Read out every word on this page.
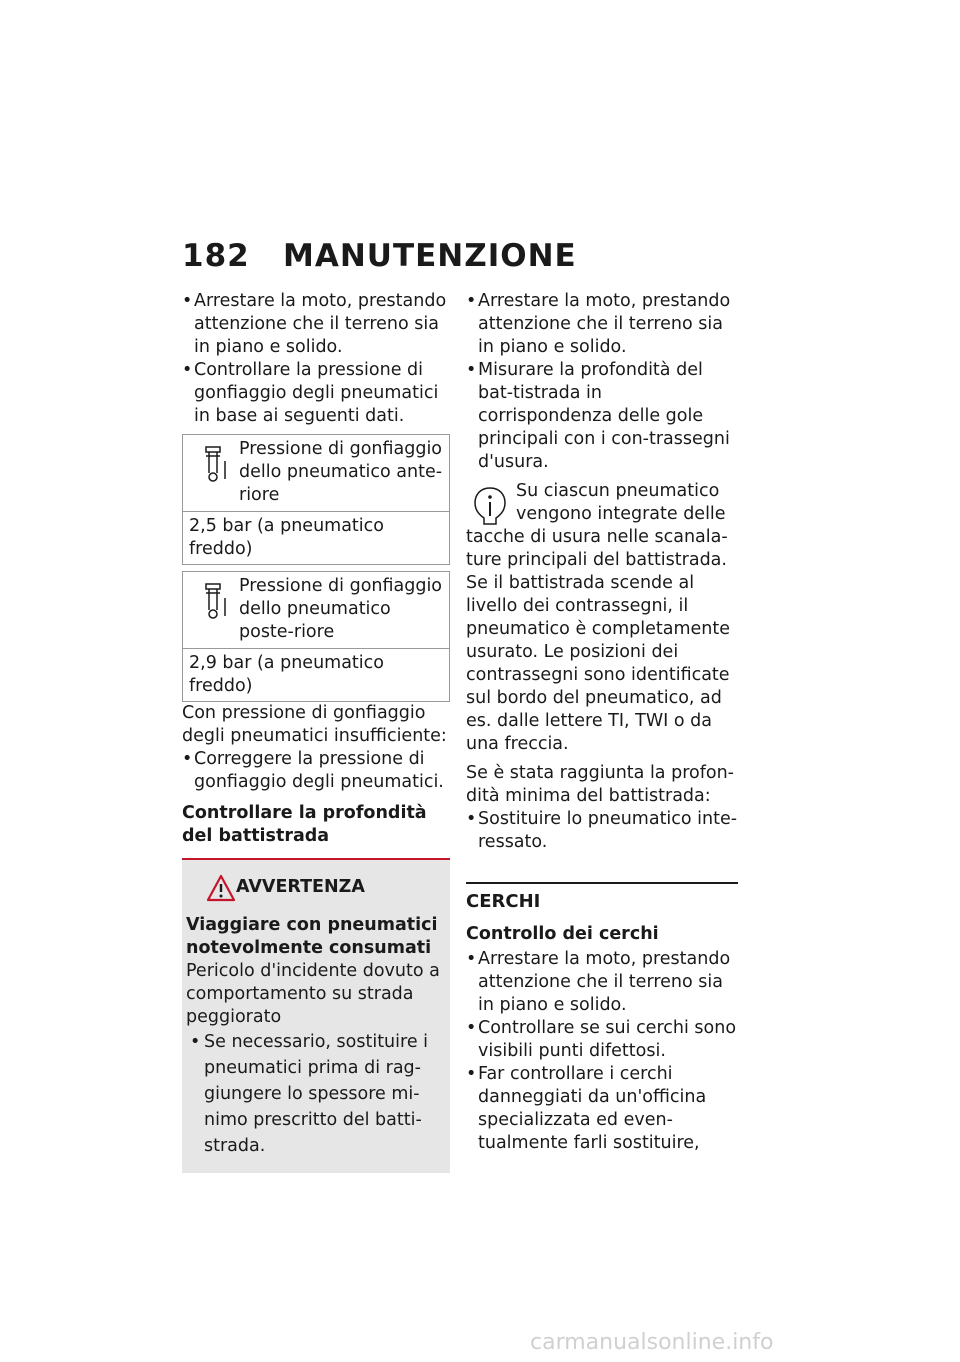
182 MANUTENZIONE
• Arrestare la moto, prestando attenzione che il terreno sia in piano e solido.
• Controllare la pressione di gonfiaggio degli pneumatici in base ai seguenti dati.
Pressione di gonfiaggio dello pneumatico ante-riore
2,5 bar (a pneumatico freddo)
Pressione di gonfiaggio dello pneumatico poste-riore
2,9 bar (a pneumatico freddo)

Con pressione di gonfiaggio degli pneumatici insufficiente:

• Correggere la pressione di gonfiaggio degli pneumatici.

Controllare la profondità del battistrada

AVVERTENZA
Viaggiare con pneumatici notevolmente consumati
Pericolo d'incidente dovuto a comportamento su strada peggiorato
• Se necessario, sostituire i pneumatici prima di rag-giungere lo spessore mi-nimo prescritto del batti-strada.
• Arrestare la moto, prestando attenzione che il terreno sia in piano e solido.
• Misurare la profondità del bat-tistrada in corrispondenza delle gole principali con i con-trassegni d'usura.

Su ciascun pneumatico vengono integrate delle tacche di usura nelle scanala-ture principali del battistrada. Se il battistrada scende al livello dei contrassegni, il pneumatico è completamente usurato. Le posizioni dei contrassegni sono identificate sul bordo del pneumatico, ad es. dalle lettere TI, TWI o da una freccia.

Se è stata raggiunta la profon-dità minima del battistrada:

• Sostituire lo pneumatico inte-ressato.

CERCHI

Controllo dei cerchi

• Arrestare la moto, prestando attenzione che il terreno sia in piano e solido.
• Controllare se sui cerchi sono visibili punti difettosi.
• Far controllare i cerchi danneggiati da un'officina specializzata ed even-tualmente farli sostituire,
carmanualsonline.info
